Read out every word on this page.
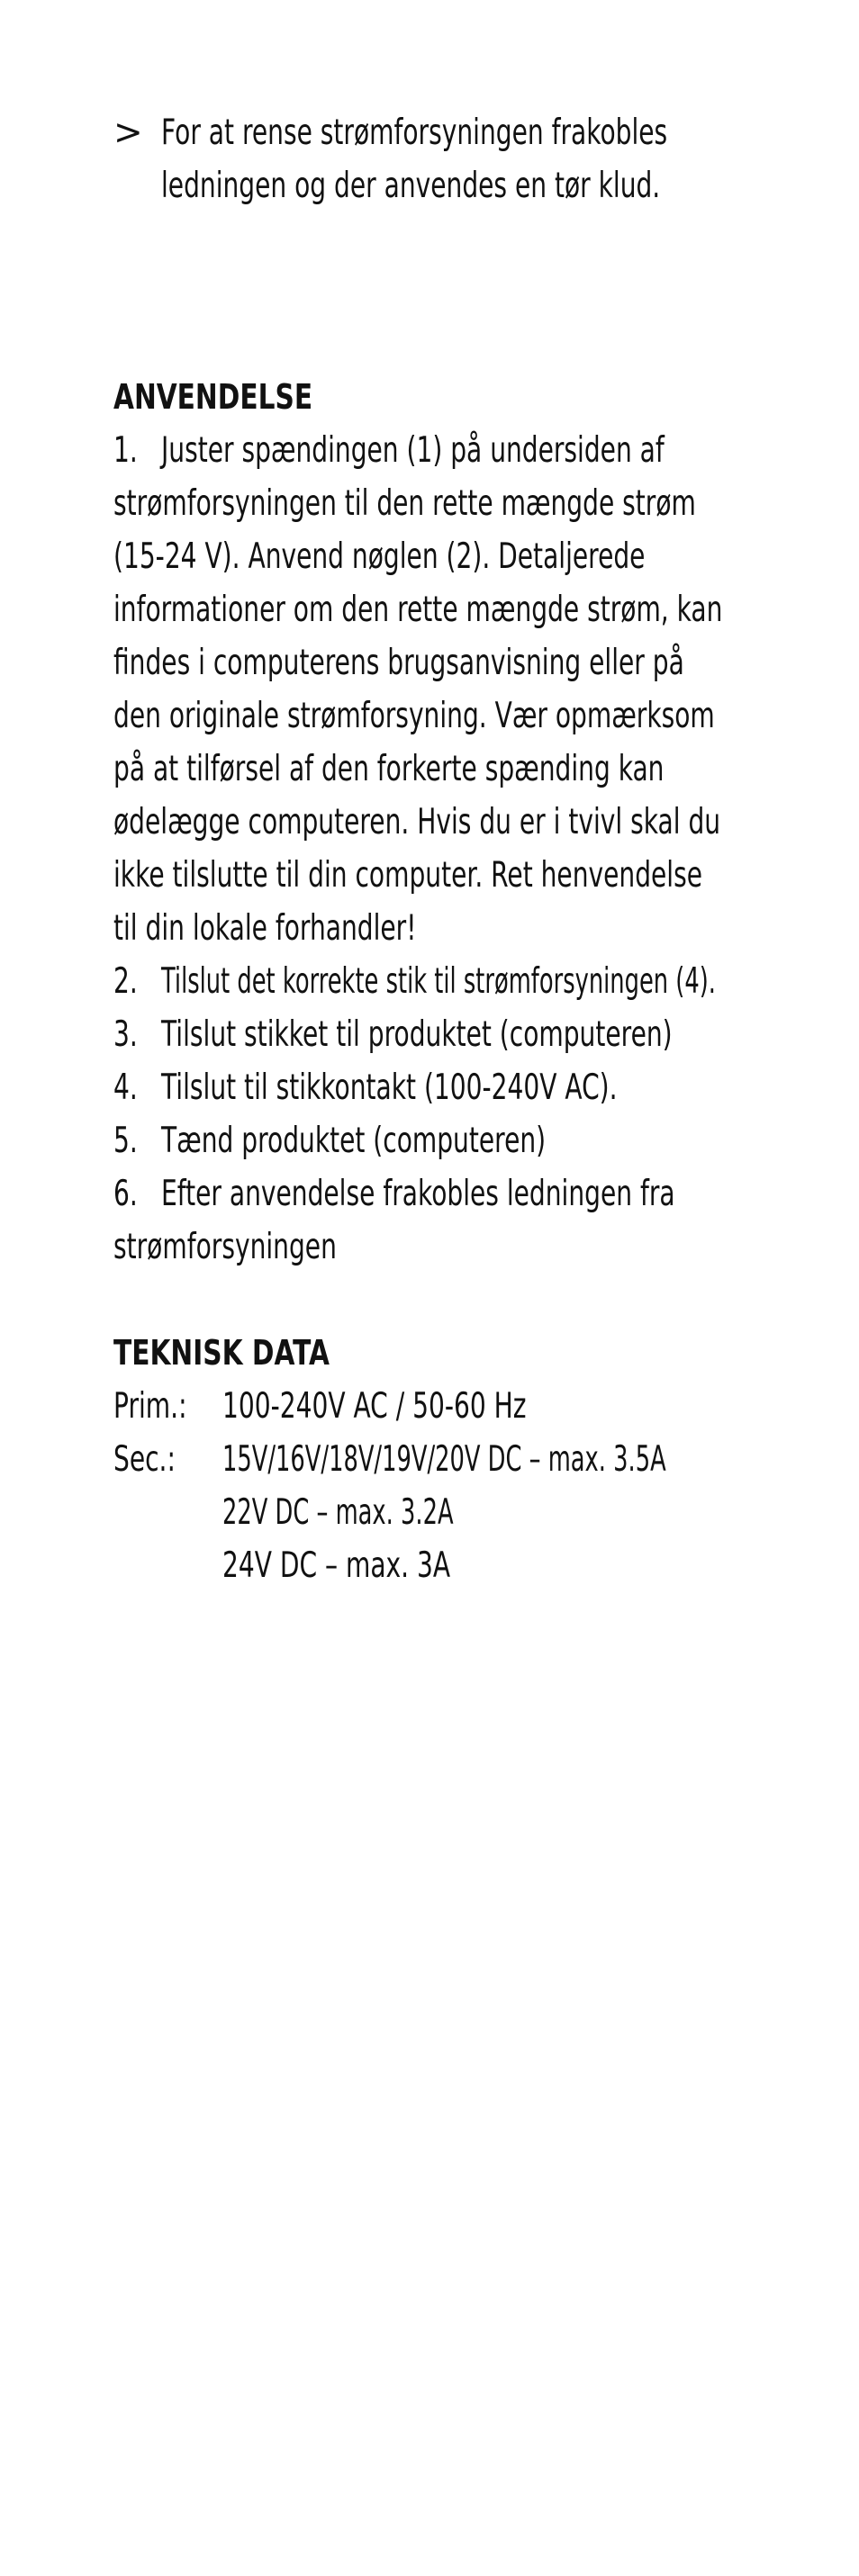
> For at rense strømforsyningen frakobles
ledningen og der anvendes en tør klud.
ANVENDELSE
1. Juster spændingen (1) på undersiden af
strømforsyningen til den rette mængde strøm
(15-24 V). Anvend nøglen (2). Detaljerede
informationer om den rette mængde strøm, kan
findes i computerens brugsanvisning eller på
den originale strømforsyning. Vær opmærksom
på at tilførsel af den forkerte spænding kan
ødelægge computeren. Hvis du er i tvivl skal du
ikke tilslutte til din computer. Ret henvendelse
til din lokale forhandler!
2. Tilslut det korrekte stik til strømforsyningen (4).
3. Tilslut stikket til produktet (computeren)
4. Tilslut til stikkontakt (100-240V AC).
5. Tænd produktet (computeren)
6. Efter anvendelse frakobles ledningen fra
strømforsyningen
TEKNISK DATA
Prim.: 100-240V AC / 50-60 Hz
Sec.: 15V/16V/18V/19V/20V DC – max. 3.5A
22V DC – max. 3.2A
24V DC – max. 3A
